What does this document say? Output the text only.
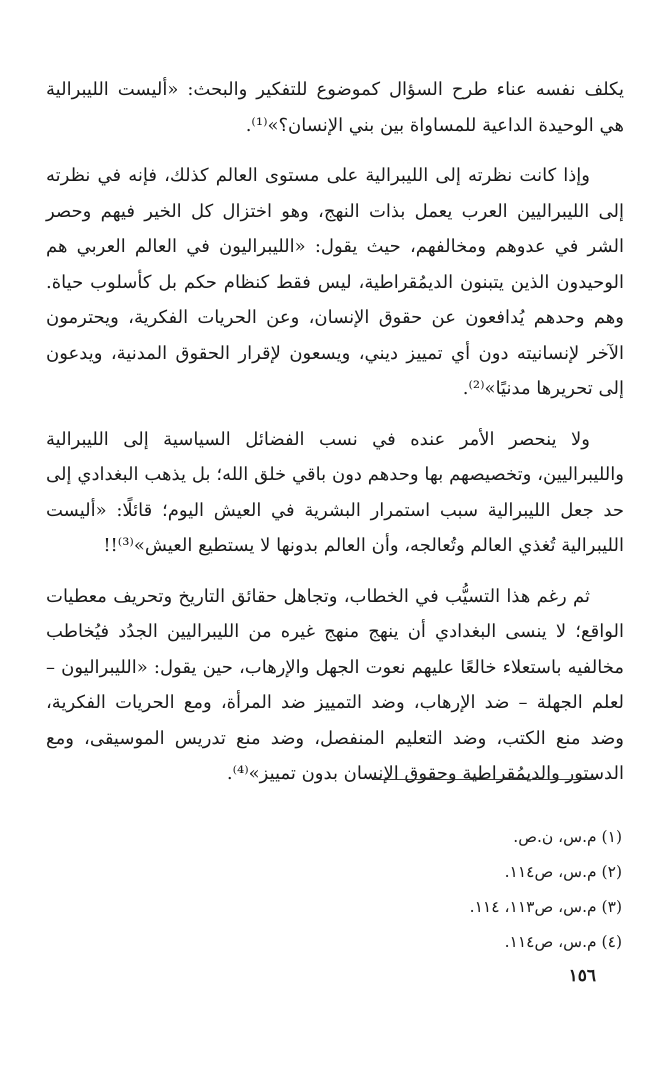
يكلف نفسه عناء طرح السؤال كموضوع للتفكير والبحث: «أليست الليبرالية هي الوحيدة الداعية للمساواة بين بني الإنسان؟»⁽¹⁾.

وإذا كانت نظرته إلى الليبرالية على مستوى العالم كذلك، فإنه في نظرته إلى الليبراليين العرب يعمل بذات النهج، وهو اختزال كل الخير فيهم وحصر الشر في عدوهم ومخالفهم، حيث يقول: «الليبراليون في العالم العربي هم الوحيدون الذين يتبنون الديمُقراطية، ليس فقط كنظام حكم بل كأسلوب حياة. وهم وحدهم يُدافعون عن حقوق الإنسان، وعن الحريات الفكرية، ويحترمون الآخر لإنسانيته دون أي تمييز ديني، ويسعون لإقرار الحقوق المدنية، ويدعون إلى تحريرها مدنيًا»⁽²⁾.

ولا ينحصر الأمر عنده في نسب الفضائل السياسية إلى الليبرالية والليبراليين، وتخصيصهم بها وحدهم دون باقي خلق الله؛ بل يذهب البغدادي إلى حد جعل الليبرالية سبب استمرار البشرية في العيش اليوم؛ قائلًا: «أليست الليبرالية تُغذي العالم وتُعالجه، وأن العالم بدونها لا يستطيع العيش»⁽³⁾!!

ثم رغم هذا التسيُّب في الخطاب، وتجاهل حقائق التاريخ وتحريف معطيات الواقع؛ لا ينسى البغدادي أن ينهج منهج غيره من الليبراليين الجدُد فيُخاطب مخالفيه باستعلاء خالعًا عليهم نعوت الجهل والإرهاب، حين يقول: «الليبراليون – لعلم الجهلة – ضد الإرهاب، وضد التمييز ضد المرأة، ومع الحريات الفكرية، وضد منع الكتب، وضد التعليم المنفصل، وضد منع تدريس الموسيقى، ومع الدستور والديمُقراطية وحقوق الإنسان بدون تمييز»⁽⁴⁾.

(١) م.س، ن.ص.
(٢) م.س، ص١١٤.
(٣) م.س، ص١١٣، ١١٤.
(٤) م.س، ص١١٤.
١٥٦
